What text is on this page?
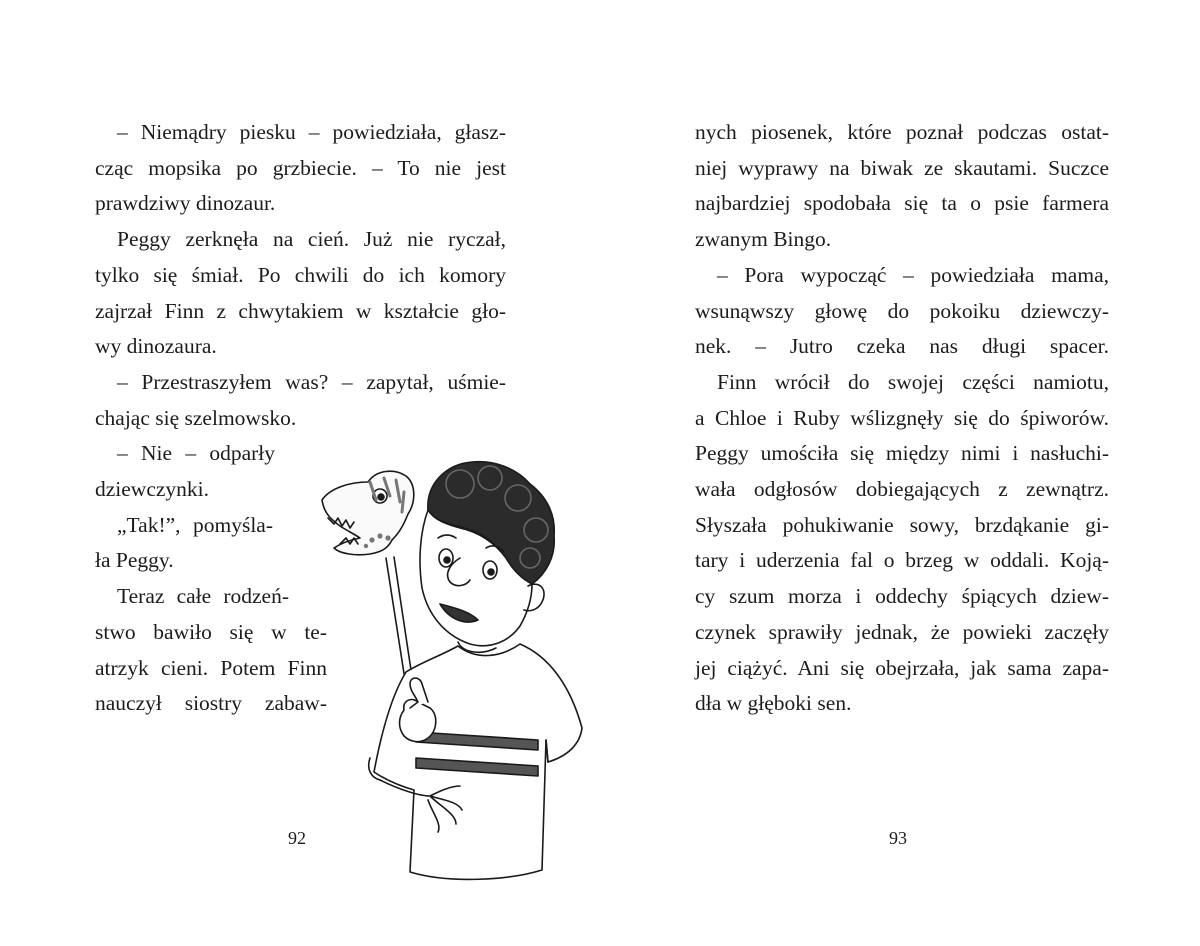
– Niemądry piesku – powiedziała, głasz-
cząc mopsika po grzbiecie. – To nie jest
prawdziwy dinozaur.
Peggy zerknęła na cień. Już nie ryczał,
tylko się śmiał. Po chwili do ich komory
zajrzał Finn z chwytakiem w kształcie gło-
wy dinozaura.
– Przestraszyłem was? – zapytał, uśmie-
chając się szelmowsko.
– Nie – odparły
dziewczynki.
„Tak!”, pomyśla-
ła Peggy.
Teraz całe rodzeń-
stwo bawiło się w te-
atrzyk cieni. Potem Finn
nauczył siostry zabaw-
92
nych piosenek, które poznał podczas ostat-
niej wyprawy na biwak ze skautami. Suczce
najbardziej spodobała się ta o psie farmera
zwanym Bingo.
– Pora wypocząć – powiedziała mama,
wsunąwszy głowę do pokoiku dziewczy-
nek. – Jutro czeka nas długi spacer.
Finn wrócił do swojej części namiotu,
a Chloe i Ruby wślizgnęły się do śpiworów.
Peggy umościła się między nimi i nasłuchi-
wała odgłosów dobiegających z zewnątrz.
Słyszała pohukiwanie sowy, brzdąkanie gi-
tary i uderzenia fal o brzeg w oddali. Koją-
cy szum morza i oddechy śpiących dziew-
czynek sprawiły jednak, że powieki zaczęły
jej ciążyć. Ani się obejrzała, jak sama zapa-
dła w głęboki sen.
93
